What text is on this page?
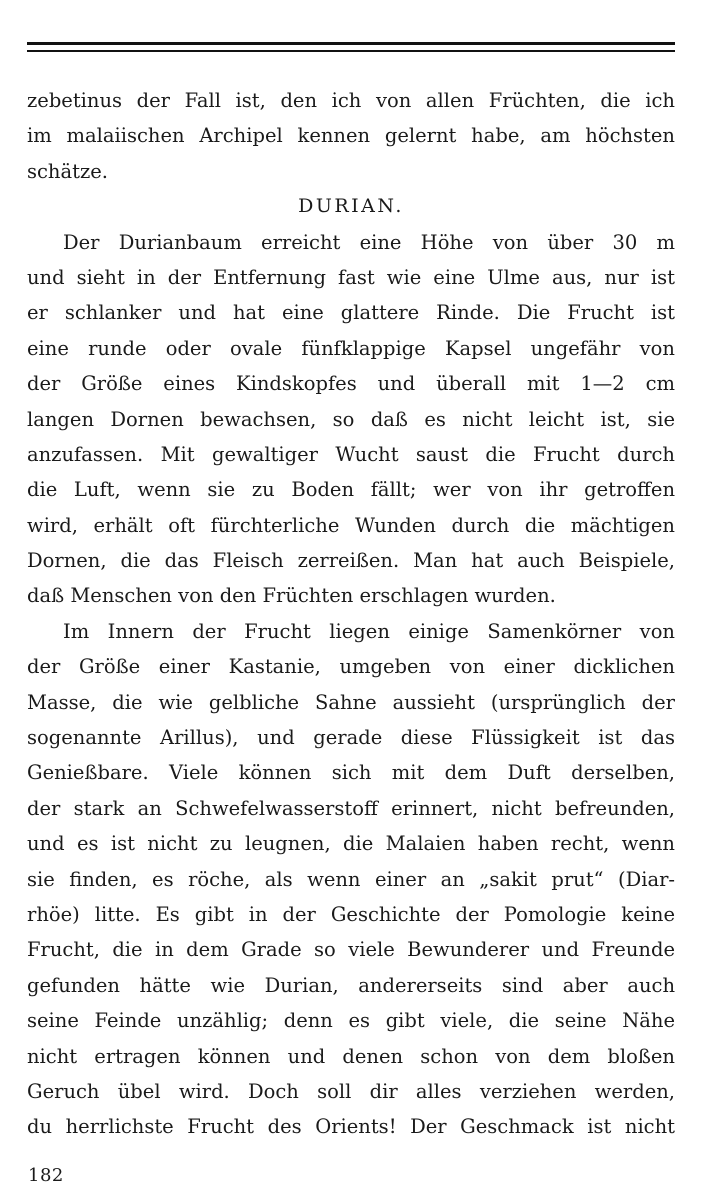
zebetinus der Fall ist, den ich von allen Früchten, die ich
im malaiischen Archipel kennen gelernt habe, am höchsten
schätze.
DURIAN.
Der Durianbaum erreicht eine Höhe von über 30 m
und sieht in der Entfernung fast wie eine Ulme aus, nur ist
er schlanker und hat eine glattere Rinde. Die Frucht ist
eine runde oder ovale fünfklappige Kapsel ungefähr von
der Größe eines Kindskopfes und überall mit 1—2 cm
langen Dornen bewachsen, so daß es nicht leicht ist, sie
anzufassen. Mit gewaltiger Wucht saust die Frucht durch
die Luft, wenn sie zu Boden fällt; wer von ihr getroffen
wird, erhält oft fürchterliche Wunden durch die mächtigen
Dornen, die das Fleisch zerreißen. Man hat auch Beispiele,
daß Menschen von den Früchten erschlagen wurden.
Im Innern der Frucht liegen einige Samenkörner von
der Größe einer Kastanie, umgeben von einer dicklichen
Masse, die wie gelbliche Sahne aussieht (ursprünglich der
sogenannte Arillus), und gerade diese Flüssigkeit ist das
Genießbare. Viele können sich mit dem Duft derselben,
der stark an Schwefelwasserstoff erinnert, nicht befreunden,
und es ist nicht zu leugnen, die Malaien haben recht, wenn
sie finden, es röche, als wenn einer an „sakit prut“ (Diar-
rhöe) litte. Es gibt in der Geschichte der Pomologie keine
Frucht, die in dem Grade so viele Bewunderer und Freunde
gefunden hätte wie Durian, andererseits sind aber auch
seine Feinde unzählig; denn es gibt viele, die seine Nähe
nicht ertragen können und denen schon von dem bloßen
Geruch übel wird. Doch soll dir alles verziehen werden,
du herrlichste Frucht des Orients! Der Geschmack ist nicht
182
